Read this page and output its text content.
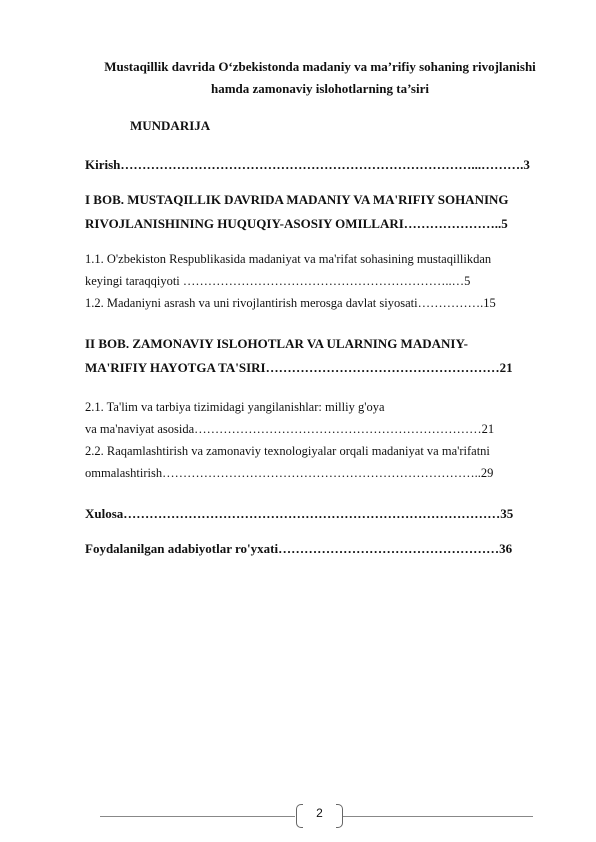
Mustaqillik davrida O‘zbekistonda madaniy va ma’rifiy sohaning rivojlanishi
hamda zamonaviy islohotlarning ta’siri
MUNDARIJA
Kirish………………………………………………………………………...……….3
I BOB. MUSTAQILLIK DAVRIDA MADANIY VA MA'RIFIY SOHANING
RIVOJLANISHINING HUQUQIY-ASOSIY OMILLARI…………………..5
1.1. O'zbekiston Respublikasida madaniyat va ma'rifat sohasining mustaqillikdan
keyingi taraqqiyoti ………………………………………………………..…5
1.2. Madaniyni asrash va uni rivojlantirish merosga davlat siyosati…………….15
II BOB. ZAMONAVIY ISLOHOTLAR VA ULARNING MADANIY-
MA'RIFIY HAYOTGA TA'SIRI………………………………………………21
2.1. Ta'lim va tarbiya tizimidagi yangilanishlar: milliy g'oya
va ma'naviyat asosida……………………………………………………………21
2.2. Raqamlashtirish va zamonaviy texnologiyalar orqali madaniyat va ma'rifatni
ommalashtirish…………………………………………………………………..29
Xulosa……………………………………………………………………………35
Foydalanilgan adabiyotlar ro'yxati……………………………………………36
2
